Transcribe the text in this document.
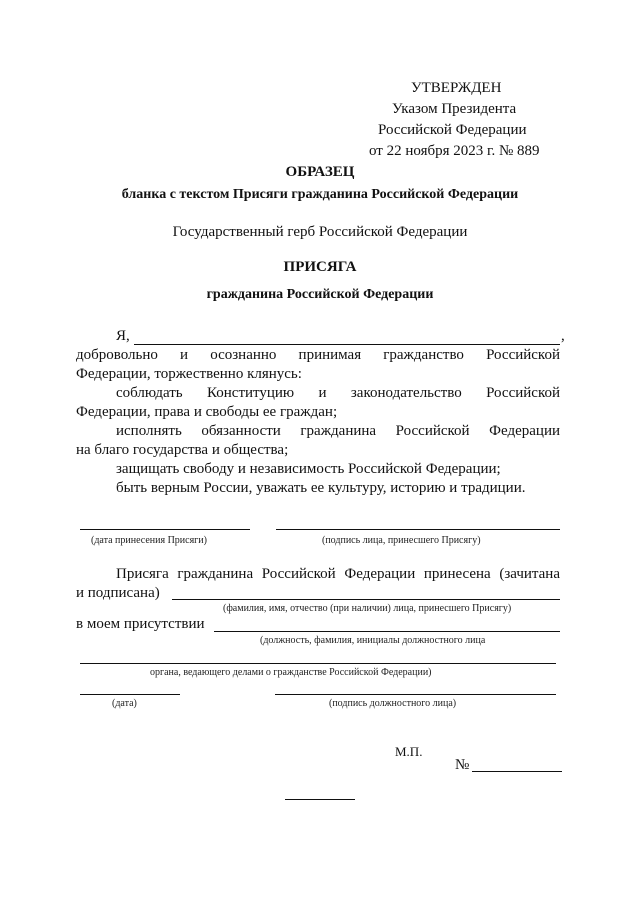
УТВЕРЖДЕН
Указом Президента
Российской Федерации
от 22 ноября 2023 г. № 889
ОБРАЗЕЦ
бланка с текстом Присяги гражданина Российской Федерации
Государственный герб Российской Федерации
ПРИСЯГА
гражданина Российской Федерации
Я,	,
добровольно и осознанно принимая гражданство Российской
Федерации, торжественно клянусь:
соблюдать Конституцию и законодательство Российской
Федерации, права и свободы ее граждан;
исполнять обязанности гражданина Российской Федерации
на благо государства и общества;
защищать свободу и независимость Российской Федерации;
быть верным России, уважать ее культуру, историю и традиции.
(дата принесения Присяги)	(подпись лица, принесшего Присягу)
Присяга гражданина Российской Федерации принесена (зачитана
и подписана)
(фамилия, имя, отчество (при наличии) лица, принесшего Присягу)
в моем присутствии
(должность, фамилия, инициалы должностного лица
органа, ведающего делами о гражданстве Российской Федерации)
(дата)	(подпись должностного лица)
М.П.
№
